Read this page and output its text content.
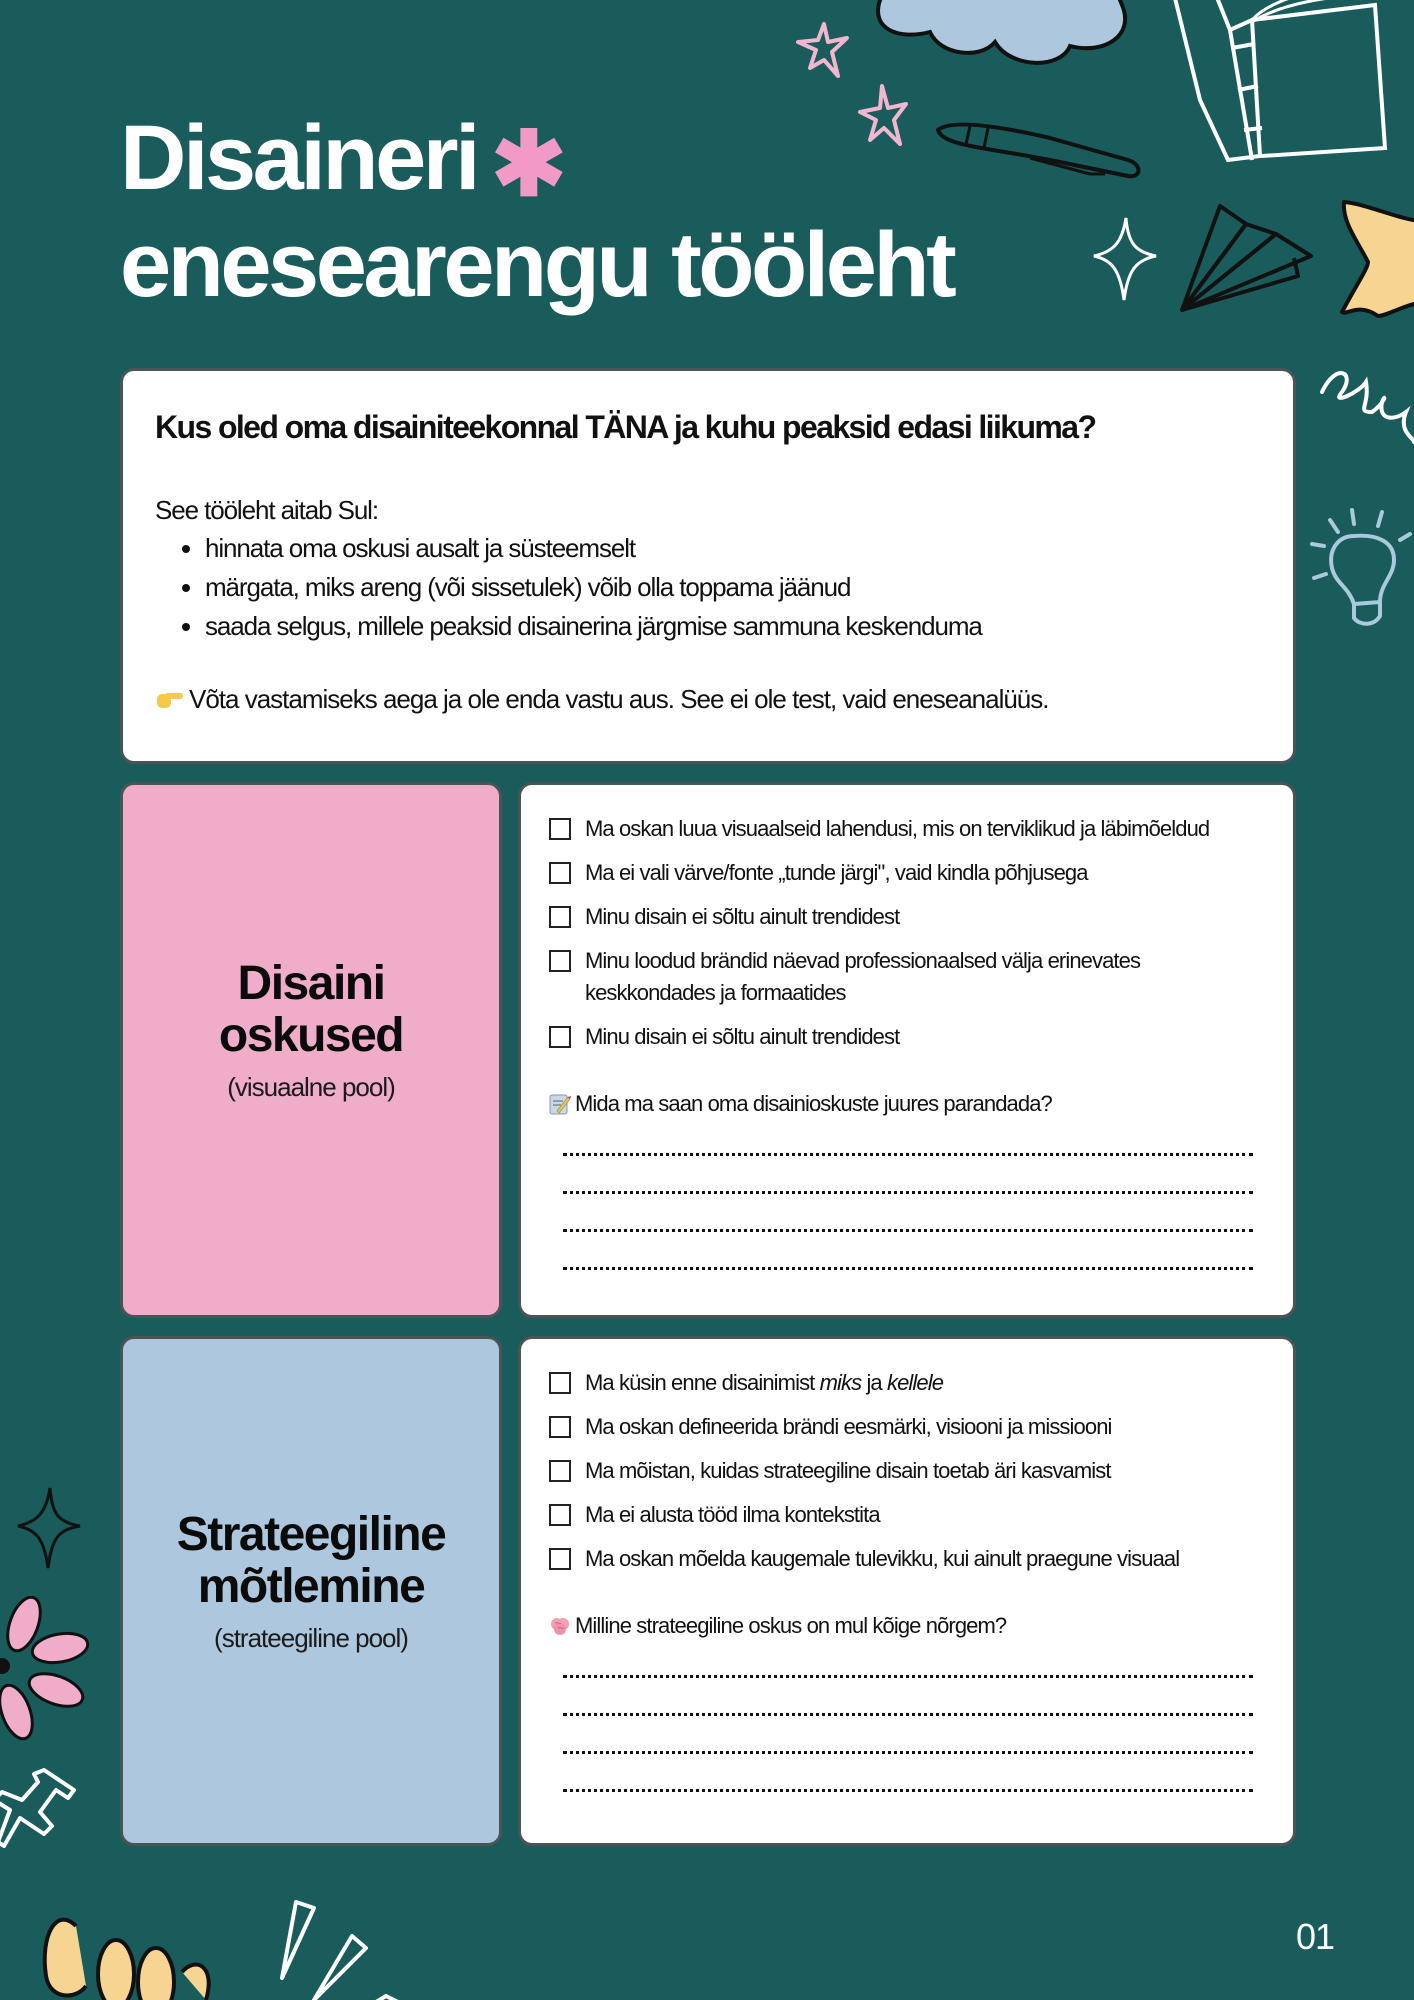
Disaineri ✱
enesearengu tööleht
Kus oled oma disainiteekonnal TÄNA ja kuhu peaksid edasi liikuma?
See tööleht aitab Sul:
• hinnata oma oskusi ausalt ja süsteemselt
• märgata, miks areng (või sissetulek) võib olla toppama jäänud
• saada selgus, millele peaksid disainerina järgmise sammuna keskenduma
Võta vastamiseks aega ja ole enda vastu aus. See ei ole test, vaid eneseanalüüs.
Disaini
oskused
(visuaalne pool)
Ma oskan luua visuaalseid lahendusi, mis on terviklikud ja läbimõeldud
Ma ei vali värve/fonte „tunde järgi", vaid kindla põhjusega
Minu disain ei sõltu ainult trendidest
Minu loodud brändid näevad professionaalsed välja erinevates keskkondades ja formaatides
Minu disain ei sõltu ainult trendidest
Mida ma saan oma disainioskuste juures parandada?
Strateegiline
mõtlemine
(strateegiline pool)
Ma küsin enne disainimist miks ja kellele
Ma oskan defineerida brändi eesmärki, visiooni ja missiooni
Ma mõistan, kuidas strateegiline disain toetab äri kasvamist
Ma ei alusta tööd ilma kontekstita
Ma oskan mõelda kaugemale tulevikku, kui ainult praegune visuaal
Milline strateegiline oskus on mul kõige nõrgem?
01
